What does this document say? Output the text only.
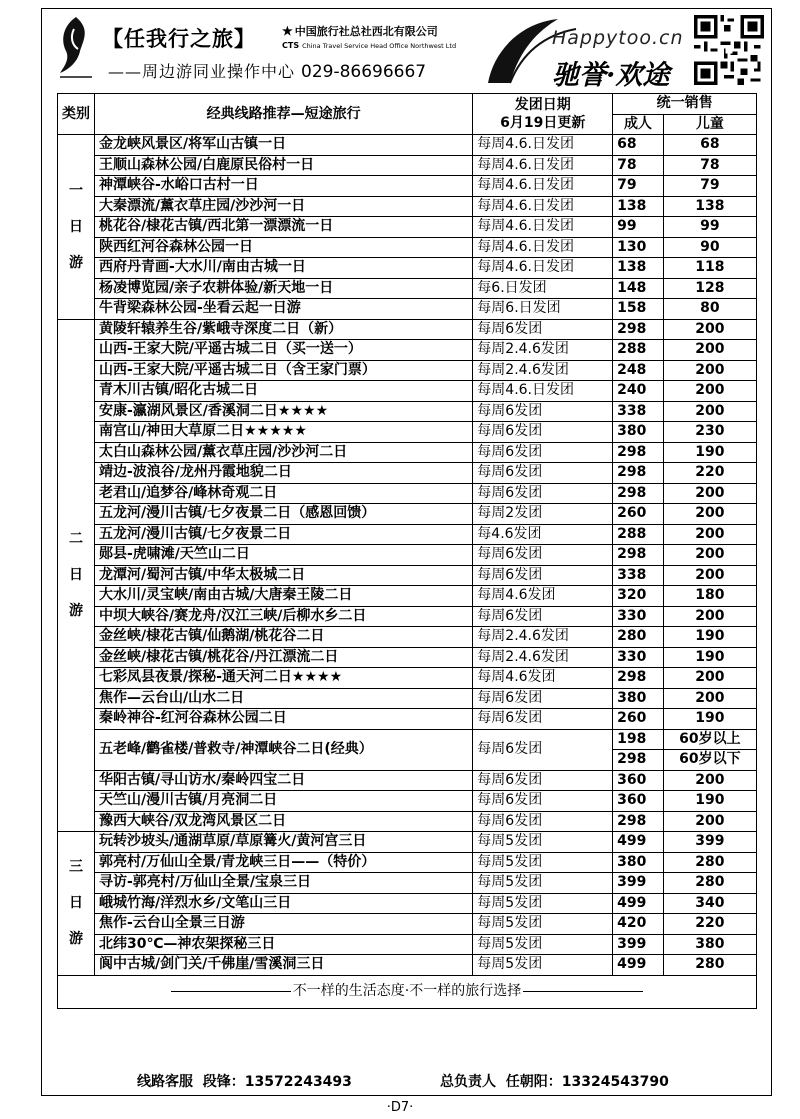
【任我行之旅】
——周边游同业操作中心 029-86696667
★ 中国旅行社总社西北有限公司
CTS China Travel Service Head Office Northwest Ltd	Happytoo.cn
驰誉·欢途
类别	经典线路推荐—短途旅行	发团日期
6月19日更新	统一销售	
			成人	儿童

一
日
游	金龙峡风景区/将军山古镇一日	每周4.6.日发团	68	68
	王顺山森林公园/白鹿原民俗村一日	每周4.6.日发团	78	78
	神潭峡谷-水峪口古村一日	每周4.6.日发团	79	79
	大秦漂流/薰衣草庄园/沙沙河一日	每周4.6.日发团	138	138
	桃花谷/棣花古镇/西北第一漂漂流一日	每周4.6.日发团	99	99
	陕西红河谷森林公园一日	每周4.6.日发团	130	90
	西府丹青画-大水川/南由古城一日	每周4.6.日发团	138	118
	杨凌博览园/亲子农耕体验/新天地一日	每6.日发团	148	128
	牛背梁森林公园-坐看云起一日游	每周6.日发团	158	80

二
日
游	黄陵轩辕养生谷/紫峨寺深度二日（新）	每周6发团	298	200
	山西-王家大院/平遥古城二日（买一送一）	每周2.4.6发团	288	200
	山西-王家大院/平遥古城二日（含王家门票）	每周2.4.6发团	248	200
	青木川古镇/昭化古城二日	每周4.6.日发团	240	200
	安康-瀛湖风景区/香溪洞二日★★★★	每周6发团	338	200
	南宫山/神田大草原二日★★★★★	每周6发团	380	230
	太白山森林公园/薰衣草庄园/沙沙河二日	每周6发团	298	190
	靖边-波浪谷/龙州丹霞地貌二日	每周6发团	298	220
	老君山/追梦谷/峰林奇观二日	每周6发团	298	200
	五龙河/漫川古镇/七夕夜景二日（感恩回馈）	每周2发团	260	200
	五龙河/漫川古镇/七夕夜景二日	每4.6发团	288	200
	郧县-虎啸滩/天竺山二日	每周6发团	298	200
	龙潭河/蜀河古镇/中华太极城二日	每周6发团	338	200
	大水川/灵宝峡/南由古城/大唐秦王陵二日	每周4.6发团	320	180
	中坝大峡谷/赛龙舟/汉江三峡/后柳水乡二日	每周6发团	330	200
	金丝峡/棣花古镇/仙鹅湖/桃花谷二日	每周2.4.6发团	280	190
	金丝峡/棣花古镇/桃花谷/丹江漂流二日	每周2.4.6发团	330	190
	七彩凤县夜景/探秘-通天河二日★★★★	每周4.6发团	298	200
	焦作—云台山/山水二日	每周6发团	380	200
	秦岭神谷-红河谷森林公园二日	每周6发团	260	190
	五老峰/鹳雀楼/普救寺/神潭峡谷二日(经典）	每周6发团	198	60岁以上
			298	60岁以下
	华阳古镇/寻山访水/秦岭四宝二日	每周6发团	360	200
	天竺山/漫川古镇/月亮洞二日	每周6发团	360	190
	豫西大峡谷/双龙湾风景区二日	每周6发团	298	200

三
日
游	玩转沙坡头/通湖草原/草原篝火/黄河宫三日	每周5发团	499	399
	郭亮村/万仙山全景/青龙峡三日——（特价）	每周5发团	380	280
	寻访-郭亮村/万仙山全景/宝泉三日	每周5发团	399	280
	峨城竹海/洋烈水乡/文笔山三日	每周5发团	499	340
	焦作-云台山全景三日游	每周5发团	420	220
	北纬30℃—神农架探秘三日	每周5发团	399	380
	阆中古城/剑门关/千佛崖/雪溪洞三日	每周5发团	499	280
不一样的生活态度·不一样的旅行选择				
线路客服 段锋：13572243493	总负责人 任朝阳：13324543790
·D7·
